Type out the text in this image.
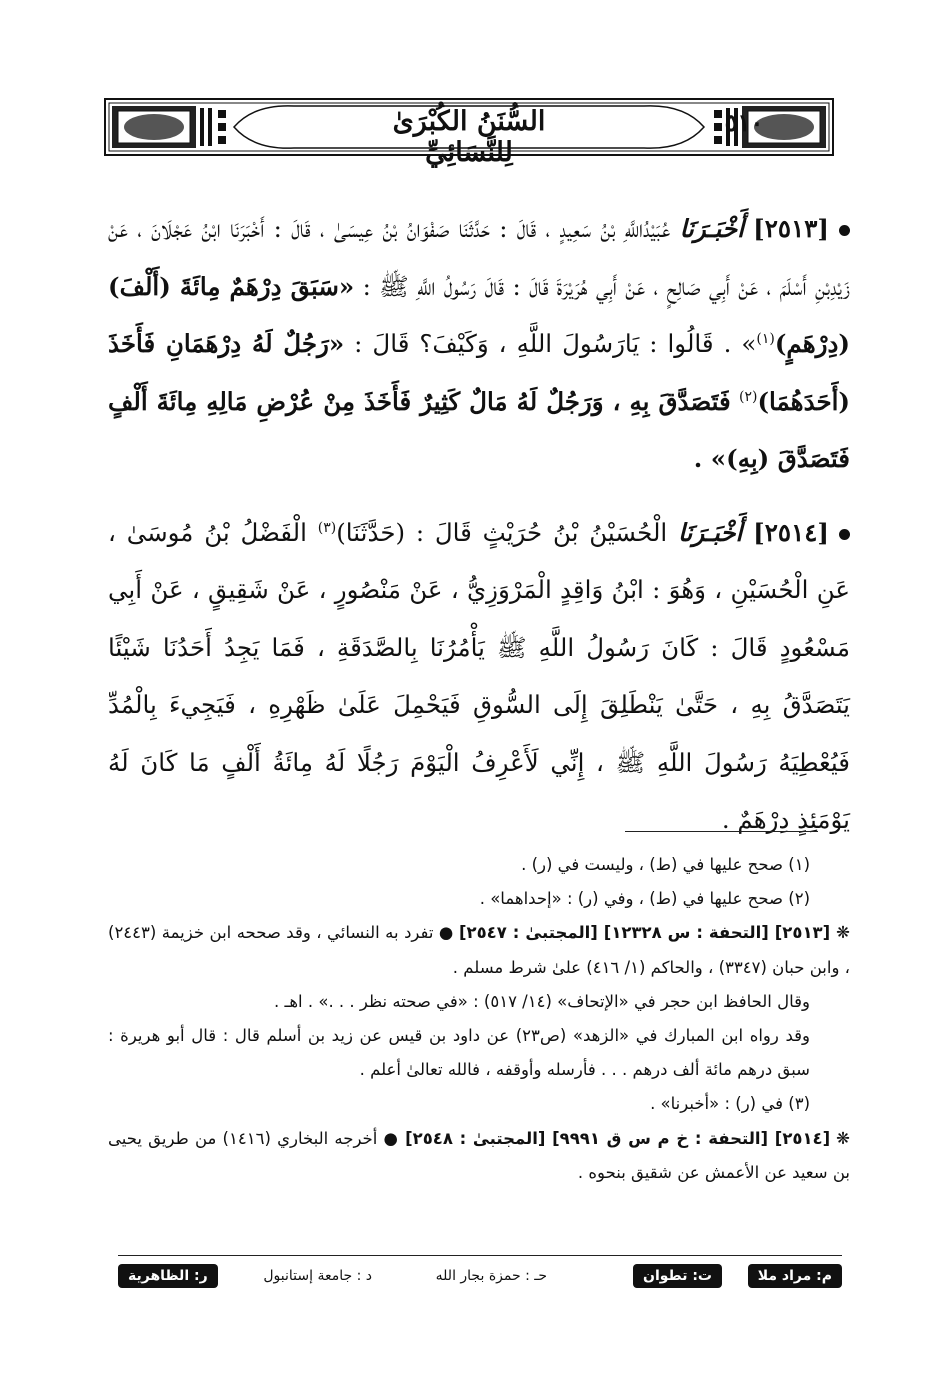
السُّنَنُ الكُبْرَىٰ لِلنَّسَائِيِّ
٥١٠

[٢٥١٣] أَخْبَـرَنَا عُبَيْدُاللَّهِ بْنُ سَعِيدٍ ، قَالَ : حَدَّثَنَا صَفْوَانُ بْنُ عِيسَىٰ ، قَالَ : أَخْبَرَنَا ابْنُ عَجْلَانَ ، عَنْ زَيْدِبْنِ أَسْلَمَ ، عَنْ أَبِي صَالِحٍ ، عَنْ أَبِي هُرَيْرَةَ قَالَ : قَالَ رَسُولُ اللَّهِ ﷺ : «سَبَقَ دِرْهَمٌ مِائَةَ (أَلْفَ) (دِرْهَمٍ)$^{(١)}$» . قَالُوا : يَارَسُولَ اللَّهِ ، وَكَيْفَ؟ قَالَ : «رَجُلٌ لَهُ دِرْهَمَانِ فَأَخَذَ (أَحَدَهُمَا)$^{(٢)}$ فَتَصَدَّقَ بِهِ ، وَرَجُلٌ لَهُ مَالٌ كَثِيرٌ فَأَخَذَ مِنْ عُرْضِ مَالِهِ مِائَةَ أَلْفٍ فَتَصَدَّقَ (بِهِ)» .

[٢٥١٤] أَخْبَـرَنَا الْحُسَيْنُ بْنُ حُرَيْثٍ قَالَ : (حَدَّثَنَا)$^{(٣)}$ الْفَضْلُ بْنُ مُوسَىٰ ، عَنِ الْحُسَيْنِ ، وَهُوَ : ابْنُ وَاقِدٍ الْمَرْوَزِيُّ ، عَنْ مَنْصُورٍ ، عَنْ شَقِيقٍ ، عَنْ أَبِي مَسْعُودٍ قَالَ : كَانَ رَسُولُ اللَّهِ ﷺ يَأْمُرُنَا بِالصَّدَقَةِ ، فَمَا يَجِدُ أَحَدُنَا شَيْئًا يَتَصَدَّقُ بِهِ ، حَتَّىٰ يَنْطَلِقَ إِلَى السُّوقِ فَيَحْمِلَ عَلَىٰ ظَهْرِهِ ، فَيَجِيءَ بِالْمُدِّ فَيُعْطِيَهُ رَسُولَ اللَّهِ ﷺ ، إِنِّي لَأَعْرِفُ الْيَوْمَ رَجُلًا لَهُ مِائَةُ أَلْفٍ مَا كَانَ لَهُ يَوْمَئِذٍ دِرْهَمٌ .

(١) صحح عليها في (ط) ، وليست في (ر) .

(٢) صحح عليها في (ط) ، وفي (ر) : «إحداهما» .

❋[٢٥١٣] [التحفة : س ١٢٣٢٨] [المجتبىٰ : ٢٥٤٧] ● تفرد به النسائي ، وقد صححه ابن خزيمة (٢٤٤٣) ، وابن حبان (٣٣٤٧) ، والحاكم (١/ ٤١٦) علىٰ شرط مسلم .

وقال الحافظ ابن حجر في «الإتحاف» (١٤/ ٥١٧) : «في صحته نظر . . .» . اهـ .

وقد رواه ابن المبارك في «الزهد» (ص٢٣) عن داود بن قيس عن زيد بن أسلم قال : قال أبو هريرة : سبق درهم مائة ألف درهم . . . فأرسله وأوقفه ، فالله تعالىٰ أعلم .

(٣) في (ر) : «أخبرنا» .

❋[٢٥١٤] [التحفة : خ م س ق ٩٩٩١] [المجتبىٰ : ٢٥٤٨] ● أخرجه البخاري (١٤١٦) من طريق يحيى بن سعيد عن الأعمش عن شقيق بنحوه .

م: مراد ملا
ت: تطوان
حـ : حمزة بجار الله
د : جامعة إستانبول
ر: الظاهرية
